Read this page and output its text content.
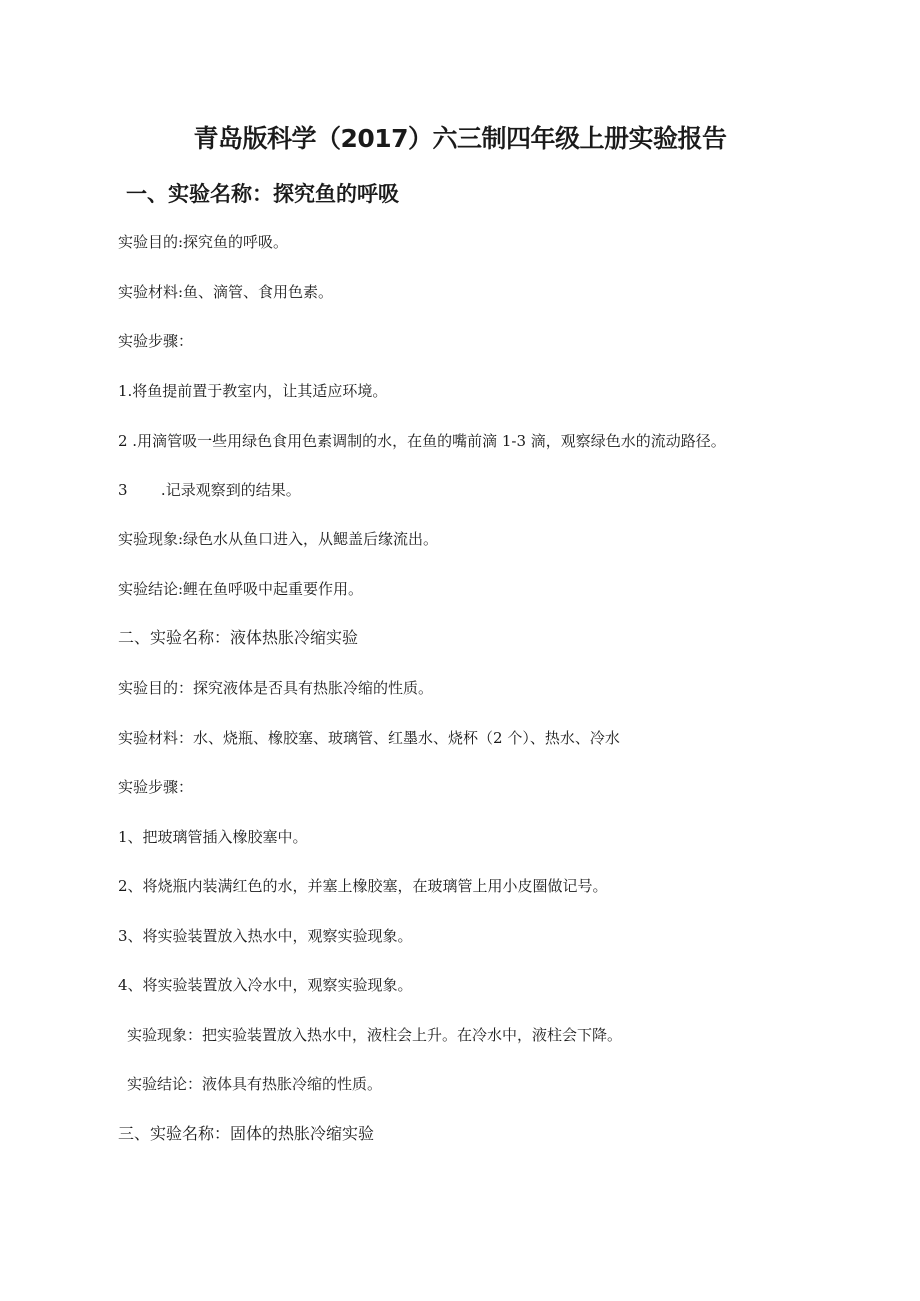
青岛版科学（2017）六三制四年级上册实验报告
一、实验名称：探究鱼的呼吸

实验目的:探究鱼的呼吸。

实验材料:鱼、滴管、食用色素。

实验步骤：

1.将鱼提前置于教室内，让其适应环境。

2 .用滴管吸一些用绿色食用色素调制的水，在鱼的嘴前滴 1-3 滴，观察绿色水的流动路径。

3       .记录观察到的结果。

实验现象:绿色水从鱼口进入，从鳃盖后缘流出。

实验结论:鲤在鱼呼吸中起重要作用。

二、实验名称：液体热胀冷缩实验

实验目的：探究液体是否具有热胀冷缩的性质。

实验材料：水、烧瓶、橡胶塞、玻璃管、红墨水、烧杯（2 个）、热水、冷水

实验步骤：

1、把玻璃管插入橡胶塞中。

2、将烧瓶内装满红色的水，并塞上橡胶塞，在玻璃管上用小皮圈做记号。

3、将实验装置放入热水中，观察实验现象。

4、将实验装置放入冷水中，观察实验现象。

实验现象：把实验装置放入热水中，液柱会上升。在冷水中，液柱会下降。

实验结论：液体具有热胀冷缩的性质。

三、实验名称：固体的热胀冷缩实验
